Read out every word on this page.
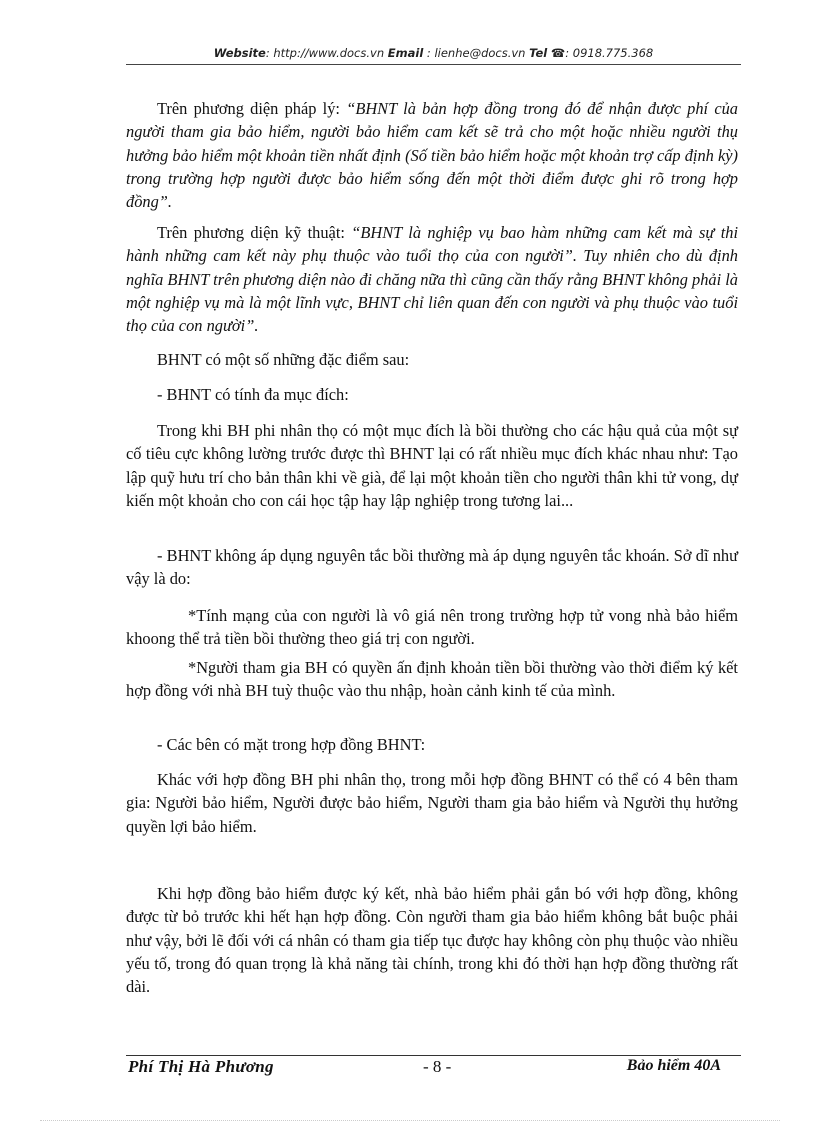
Website: http://www.docs.vn Email : lienhe@docs.vn Tel ☎: 0918.775.368

Trên phương diện pháp lý: “BHNT là bản hợp đồng trong đó để nhận được phí của người tham gia bảo hiểm, người bảo hiểm cam kết sẽ trả cho một hoặc nhiều người thụ hưởng bảo hiểm một khoản tiền nhất định (Số tiền bảo hiểm hoặc một khoản trợ cấp định kỳ) trong trường hợp người được bảo hiểm sống đến một thời điểm được ghi rõ trong hợp đồng”.

Trên phương diện kỹ thuật: “BHNT là nghiệp vụ bao hàm những cam kết mà sự thi hành những cam kết này phụ thuộc vào tuổi thọ của con người”. Tuy nhiên cho dù định nghĩa BHNT trên phương diện nào đi chăng nữa thì cũng cần thấy rằng BHNT không phải là một nghiệp vụ mà là một lĩnh vực, BHNT chỉ liên quan đến con người và phụ thuộc vào tuổi thọ của con người”.

BHNT có một số những đặc điểm sau:

- BHNT có tính đa mục đích:

Trong khi BH phi nhân thọ có một mục đích là bồi thường cho các hậu quả của một sự cố tiêu cực không lường trước được thì BHNT lại có rất nhiều mục đích khác nhau như: Tạo lập quỹ hưu trí cho bản thân khi về già, để lại một khoản tiền cho người thân khi tử vong, dự kiến một khoản cho con cái học tập hay lập nghiệp trong tương lai...

- BHNT không áp dụng nguyên tắc bồi thường mà áp dụng nguyên tắc khoán. Sở dĩ như vậy là do:

*Tính mạng của con người là vô giá nên trong trường hợp tử vong nhà bảo hiểm khoong thể trả tiền bồi thường theo giá trị con người.

*Người tham gia BH có quyền ấn định khoản tiền bồi thường vào thời điểm ký kết hợp đồng với nhà BH tuỳ thuộc vào thu nhập, hoàn cảnh kinh tế của mình.

- Các bên có mặt trong hợp đồng BHNT:

Khác với hợp đồng BH phi nhân thọ, trong mỗi hợp đồng BHNT có thể có 4 bên tham gia: Người bảo hiểm, Người được bảo hiểm, Người tham gia bảo hiểm và Người thụ hưởng quyền lợi bảo hiểm.

Khi hợp đồng bảo hiểm được ký kết, nhà bảo hiểm phải gắn bó với hợp đồng, không được từ bỏ trước khi hết hạn hợp đồng. Còn người tham gia bảo hiểm không bắt buộc phải như vậy, bởi lẽ đối với cá nhân có tham gia tiếp tục được hay không còn phụ thuộc vào nhiều yếu tố, trong đó quan trọng là khả năng tài chính, trong khi đó thời hạn hợp đồng thường rất dài.

Phí Thị Hà Phương	- 8 -	Bảo hiểm 40A
